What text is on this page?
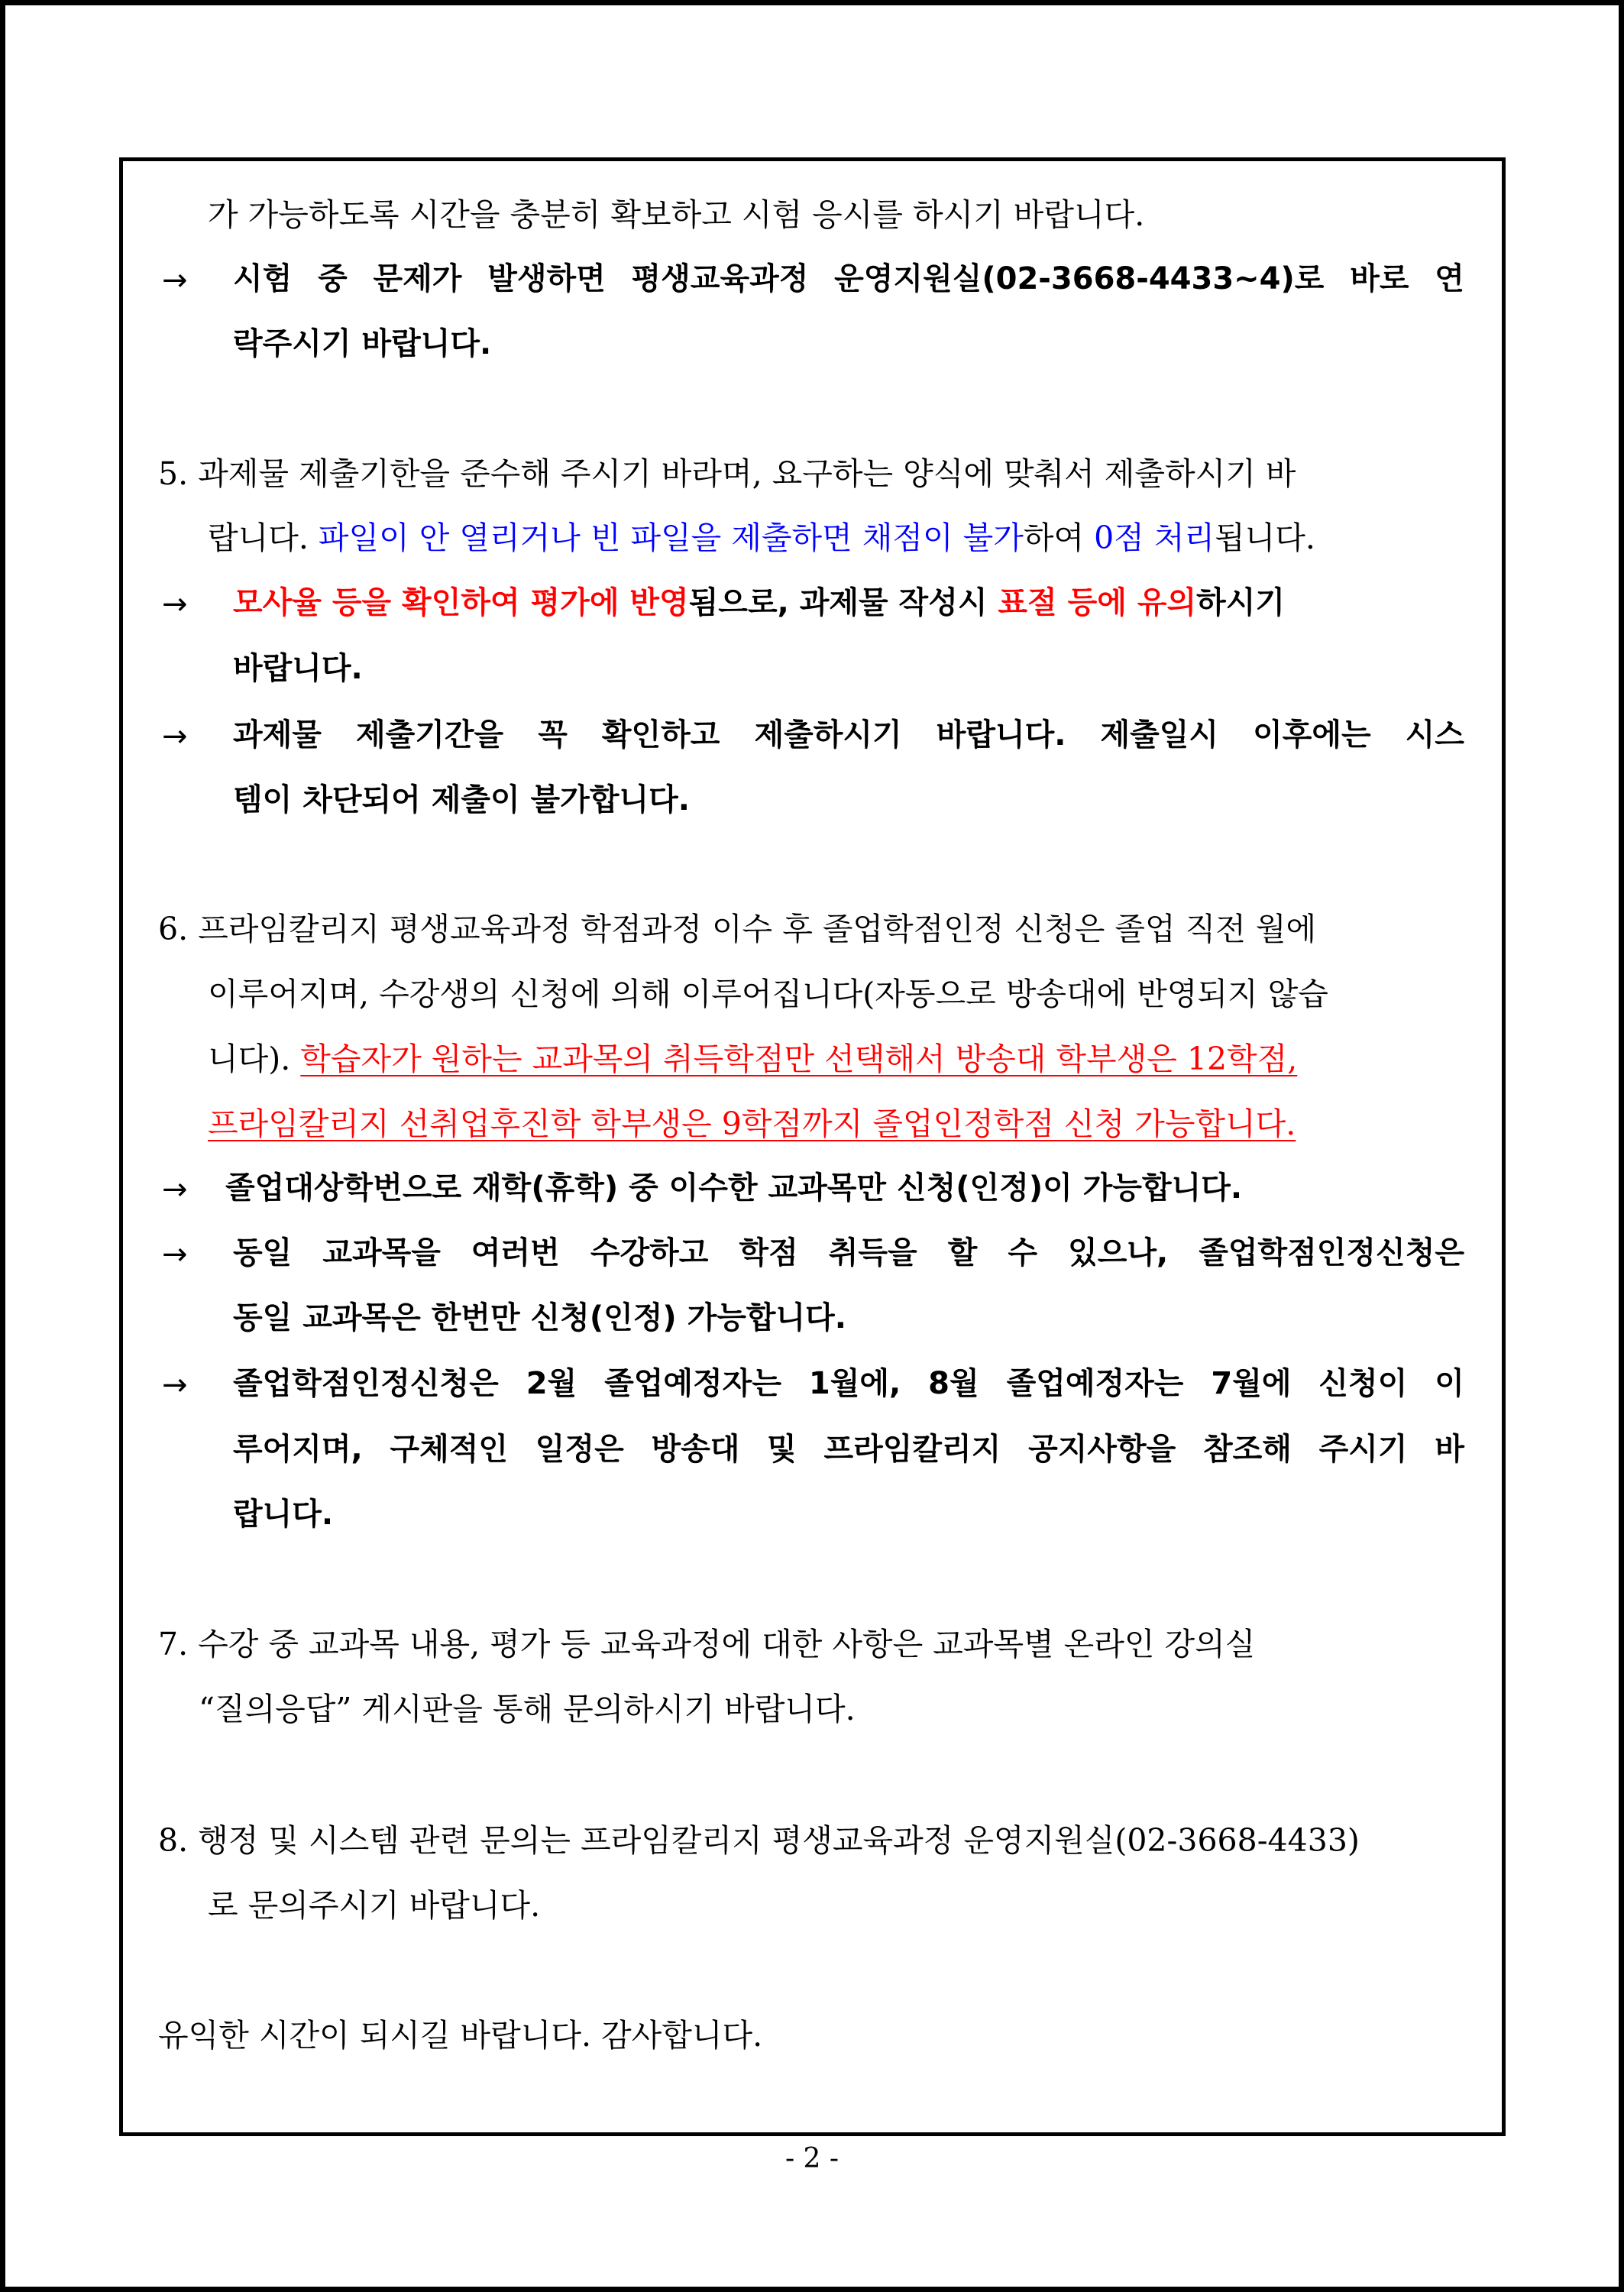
가 가능하도록 시간을 충분히 확보하고 시험 응시를 하시기 바랍니다.
→ 시험 중 문제가 발생하면 평생교육과정 운영지원실(02-3668-4433~4)로 바로 연
락주시기 바랍니다.
5. 과제물 제출기한을 준수해 주시기 바라며, 요구하는 양식에 맞춰서 제출하시기 바
랍니다. 파일이 안 열리거나 빈 파일을 제출하면 채점이 불가하여 0점 처리됩니다.
→ 모사율 등을 확인하여 평가에 반영됨으로, 과제물 작성시 표절 등에 유의하시기
바랍니다.
→ 과제물 제출기간을 꼭 확인하고 제출하시기 바랍니다. 제출일시 이후에는 시스
템이 차단되어 제출이 불가합니다.
6. 프라임칼리지 평생교육과정 학점과정 이수 후 졸업학점인정 신청은 졸업 직전 월에
이루어지며, 수강생의 신청에 의해 이루어집니다(자동으로 방송대에 반영되지 않습
니다). 학습자가 원하는 교과목의 취득학점만 선택해서 방송대 학부생은 12학점,
프라임칼리지 선취업후진학 학부생은 9학점까지 졸업인정학점 신청 가능합니다.
→ 졸업대상학번으로 재학(휴학) 중 이수한 교과목만 신청(인정)이 가능합니다.
→ 동일 교과목을 여러번 수강하고 학점 취득을 할 수 있으나, 졸업학점인정신청은
동일 교과목은 한번만 신청(인정) 가능합니다.
→ 졸업학점인정신청은 2월 졸업예정자는 1월에, 8월 졸업예정자는 7월에 신청이 이
루어지며, 구체적인 일정은 방송대 및 프라임칼리지 공지사항을 참조해 주시기 바
랍니다.
7. 수강 중 교과목 내용, 평가 등 교육과정에 대한 사항은 교과목별 온라인 강의실
“질의응답” 게시판을 통해 문의하시기 바랍니다.
8. 행정 및 시스템 관련 문의는 프라임칼리지 평생교육과정 운영지원실(02-3668-4433)
로 문의주시기 바랍니다.
유익한 시간이 되시길 바랍니다. 감사합니다.
- 2 -
